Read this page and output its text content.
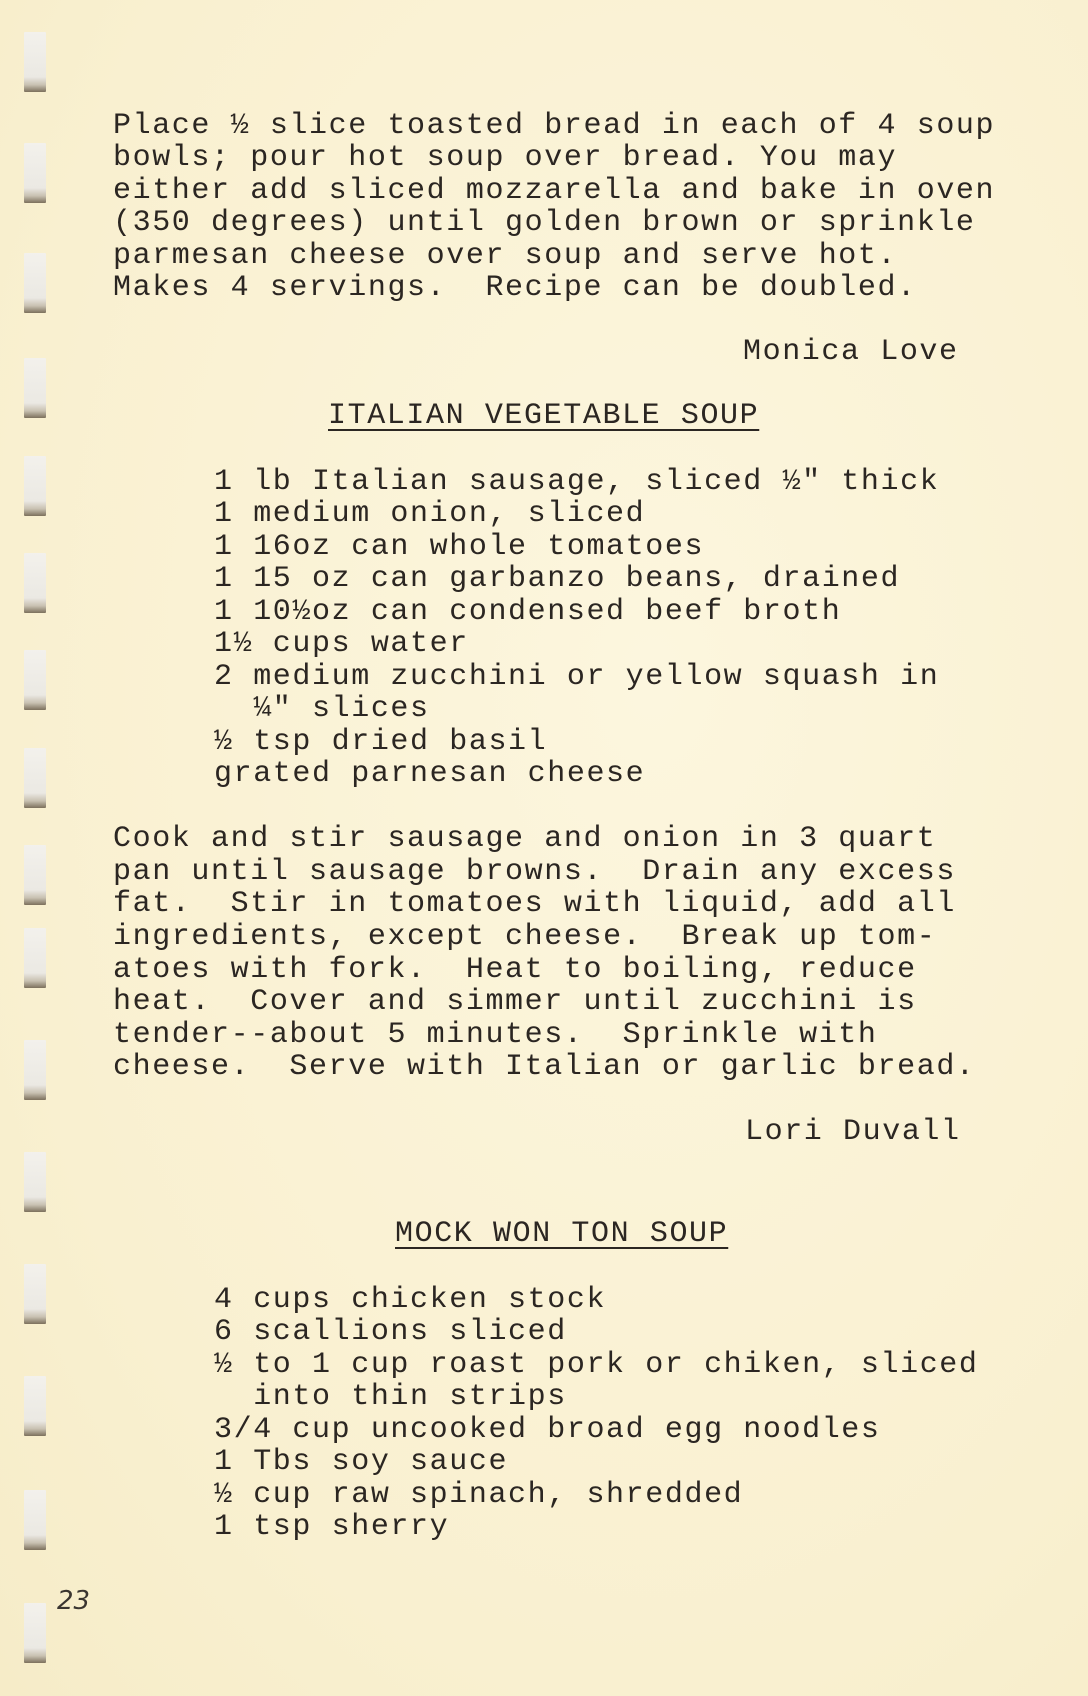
Place ½ slice toasted bread in each of 4 soup
bowls; pour hot soup over bread. You may
either add sliced mozzarella and bake in oven
(350 degrees) until golden brown or sprinkle
parmesan cheese over soup and serve hot.
Makes 4 servings.  Recipe can be doubled.
Monica Love
ITALIAN VEGETABLE SOUP
1 lb Italian sausage, sliced ½" thick
1 medium onion, sliced
1 16oz can whole tomatoes
1 15 oz can garbanzo beans, drained
1 10½oz can condensed beef broth
1½ cups water
2 medium zucchini or yellow squash in
¼" slices
½ tsp dried basil
grated parnesan cheese
Cook and stir sausage and onion in 3 quart
pan until sausage browns.  Drain any excess
fat.  Stir in tomatoes with liquid, add all
ingredients, except cheese.  Break up tom-
atoes with fork.  Heat to boiling, reduce
heat.  Cover and simmer until zucchini is
tender--about 5 minutes.  Sprinkle with
cheese.  Serve with Italian or garlic bread.
Lori Duvall
MOCK WON TON SOUP
4 cups chicken stock
6 scallions sliced
½ to 1 cup roast pork or chiken, sliced
into thin strips
3/4 cup uncooked broad egg noodles
1 Tbs soy sauce
½ cup raw spinach, shredded
1 tsp sherry
23
